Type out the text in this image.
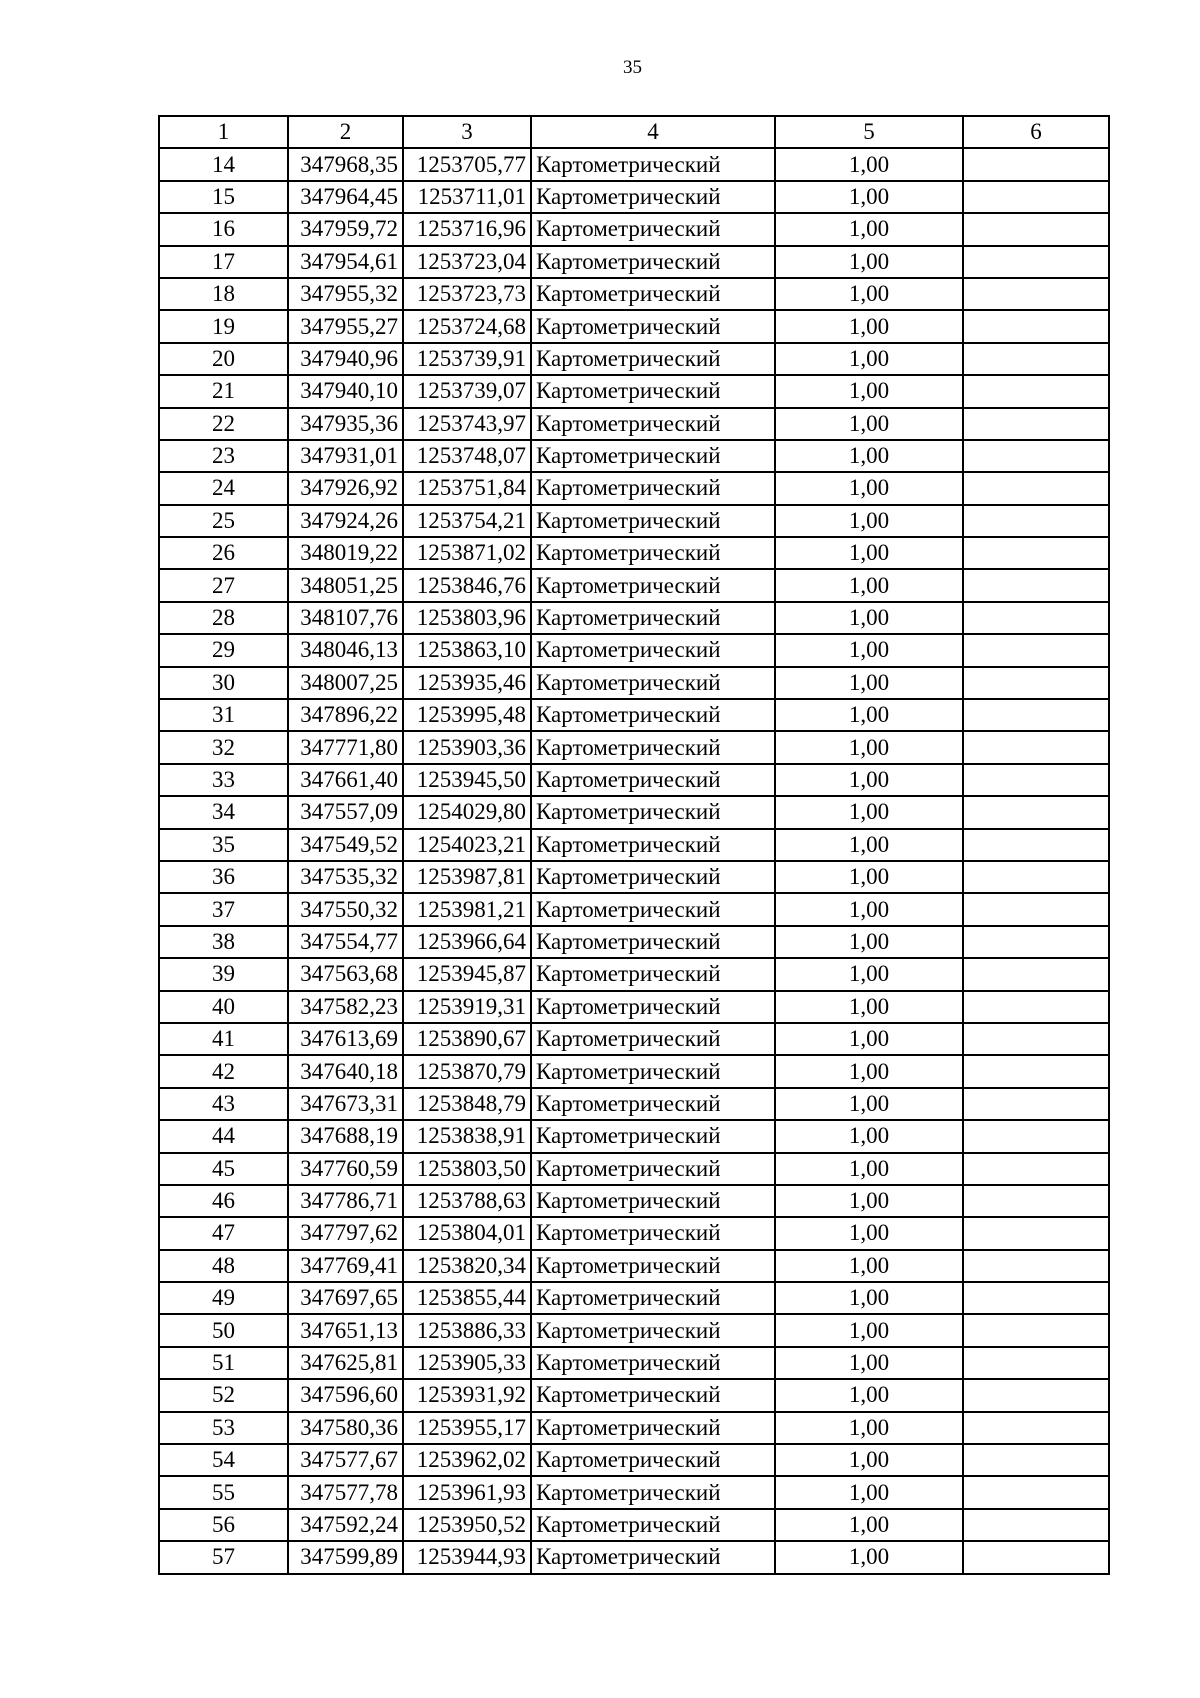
35
1	2	3	4	5	6
14	347968,35	1253705,77	Картометрический	1,00	
15	347964,45	1253711,01	Картометрический	1,00	
16	347959,72	1253716,96	Картометрический	1,00	
17	347954,61	1253723,04	Картометрический	1,00	
18	347955,32	1253723,73	Картометрический	1,00	
19	347955,27	1253724,68	Картометрический	1,00	
20	347940,96	1253739,91	Картометрический	1,00	
21	347940,10	1253739,07	Картометрический	1,00	
22	347935,36	1253743,97	Картометрический	1,00	
23	347931,01	1253748,07	Картометрический	1,00	
24	347926,92	1253751,84	Картометрический	1,00	
25	347924,26	1253754,21	Картометрический	1,00	
26	348019,22	1253871,02	Картометрический	1,00	
27	348051,25	1253846,76	Картометрический	1,00	
28	348107,76	1253803,96	Картометрический	1,00	
29	348046,13	1253863,10	Картометрический	1,00	
30	348007,25	1253935,46	Картометрический	1,00	
31	347896,22	1253995,48	Картометрический	1,00	
32	347771,80	1253903,36	Картометрический	1,00	
33	347661,40	1253945,50	Картометрический	1,00	
34	347557,09	1254029,80	Картометрический	1,00	
35	347549,52	1254023,21	Картометрический	1,00	
36	347535,32	1253987,81	Картометрический	1,00	
37	347550,32	1253981,21	Картометрический	1,00	
38	347554,77	1253966,64	Картометрический	1,00	
39	347563,68	1253945,87	Картометрический	1,00	
40	347582,23	1253919,31	Картометрический	1,00	
41	347613,69	1253890,67	Картометрический	1,00	
42	347640,18	1253870,79	Картометрический	1,00	
43	347673,31	1253848,79	Картометрический	1,00	
44	347688,19	1253838,91	Картометрический	1,00	
45	347760,59	1253803,50	Картометрический	1,00	
46	347786,71	1253788,63	Картометрический	1,00	
47	347797,62	1253804,01	Картометрический	1,00	
48	347769,41	1253820,34	Картометрический	1,00	
49	347697,65	1253855,44	Картометрический	1,00	
50	347651,13	1253886,33	Картометрический	1,00	
51	347625,81	1253905,33	Картометрический	1,00	
52	347596,60	1253931,92	Картометрический	1,00	
53	347580,36	1253955,17	Картометрический	1,00	
54	347577,67	1253962,02	Картометрический	1,00	
55	347577,78	1253961,93	Картометрический	1,00	
56	347592,24	1253950,52	Картометрический	1,00	
57	347599,89	1253944,93	Картометрический	1,00	
